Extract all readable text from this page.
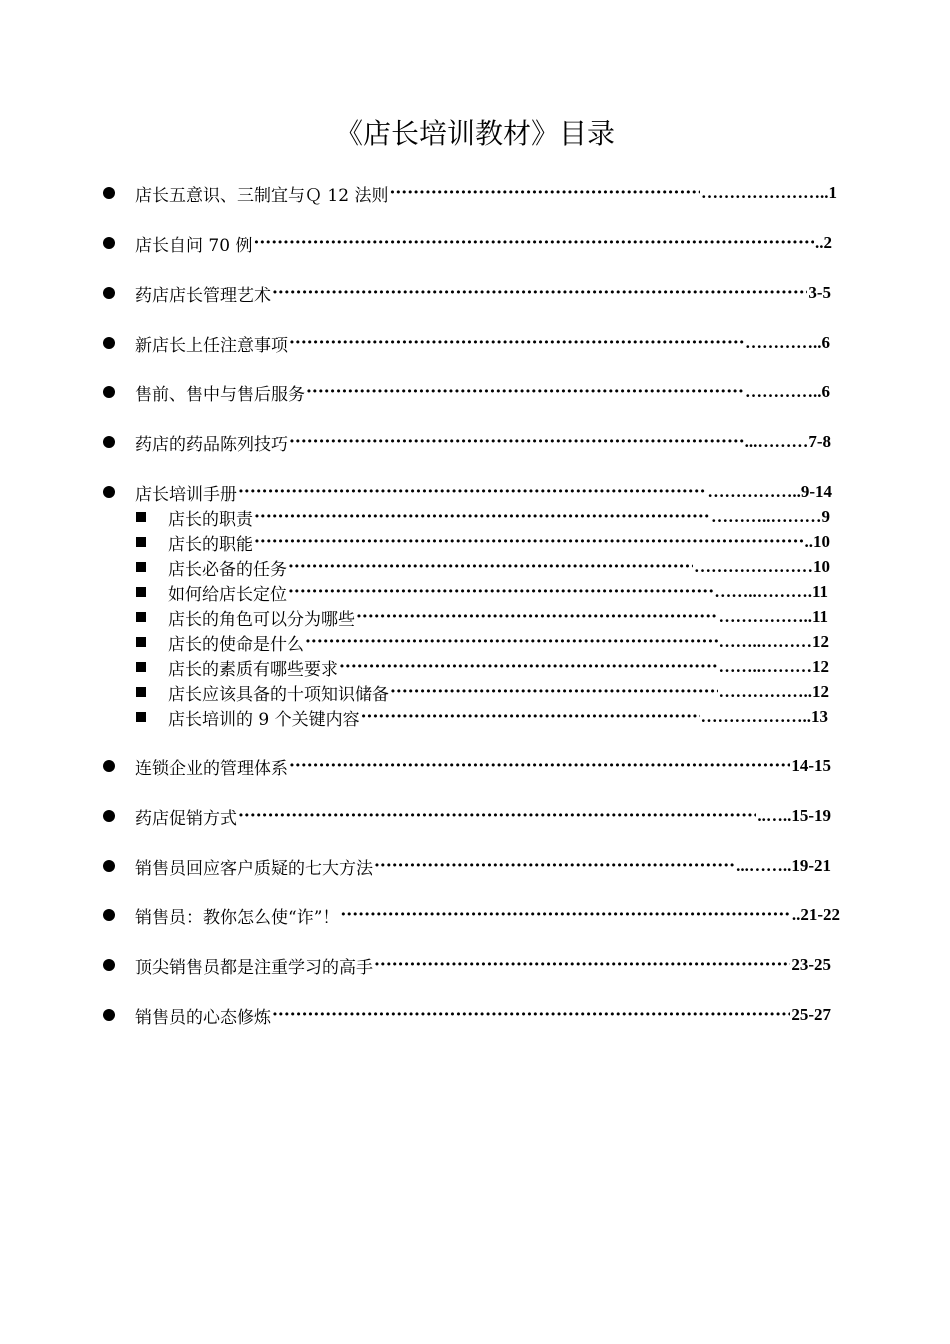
《店长培训教材》目录
店长五意识、三制宜与Ｑ 12 法则 ·····	…………………..1
店长自问 70 例 ·····	..2
药店店长管理艺术 ·····	3-5
新店长上任注意事项 ·····	…………..6
售前、售中与售后服务 ·····	…………..6
药店的药品陈列技巧 ·····	...………7-8
店长培训手册 ·····	……………..9-14
店长的职责 ·····	………..………9
店长的职能 ·····	..10
店长必备的任务 ·····	…………………10
如何给店长定位 ·····	……..……….11
店长的角色可以分为哪些 ·····	……………..11
店长的使命是什么 ·····	……..………12
店长的素质有哪些要求 ·····	……..………12
店长应该具备的十项知识储备 ·····	……………..12
店长培训的 9 个关键内容 ·····	………………..13
连锁企业的管理体系 ·····	14-15
药店促销方式 ·····	..…..15-19
销售员回应客户质疑的七大方法 ·····	...……..19-21
销售员：教你怎么使“诈”！ ·····	..21-22
顶尖销售员都是注重学习的高手 ·····	23-25
销售员的心态修炼 ·····	25-27
